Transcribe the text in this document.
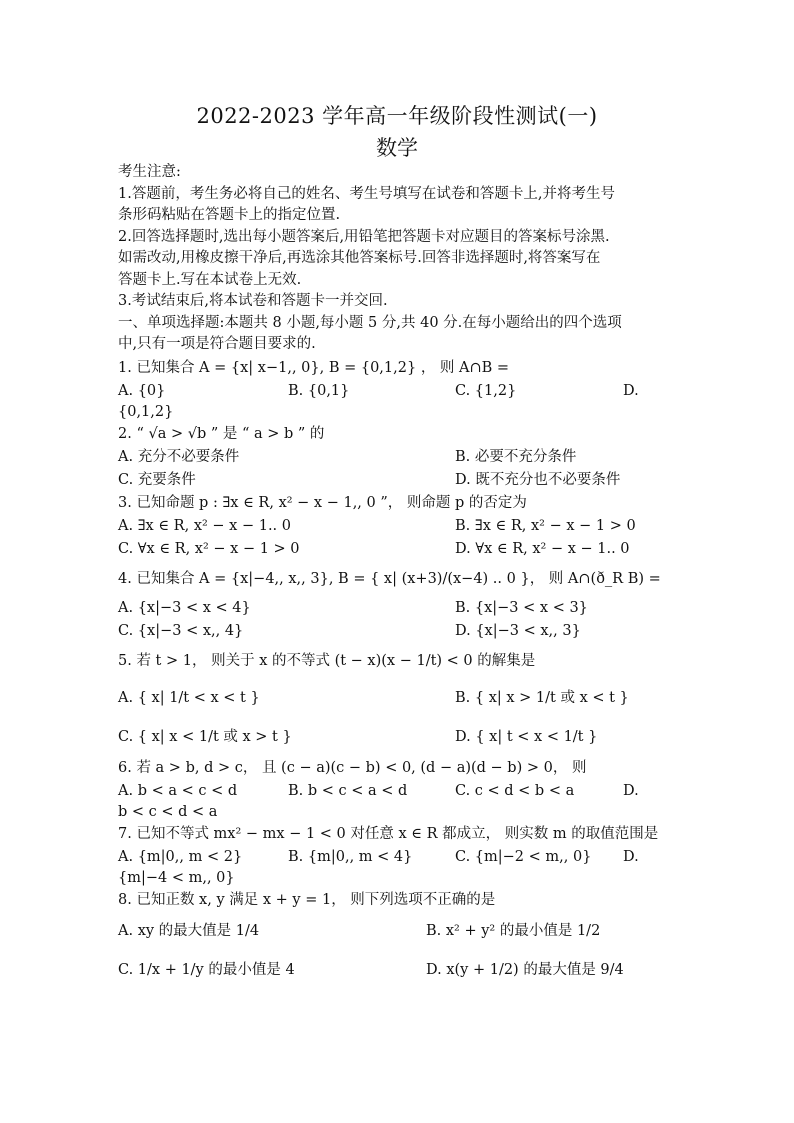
2022-2023 学年高一年级阶段性测试(一)
数学
考生注意:
1.答题前，考生务必将自己的姓名、考生号填写在试卷和答题卡上,并将考生号
条形码粘贴在答题卡上的指定位置.
2.回答选择题时,选出每小题答案后,用铅笔把答题卡对应题目的答案标号涂黑.
如需改动,用橡皮擦干净后,再选涂其他答案标号.回答非选择题时,将答案写在
答题卡上.写在本试卷上无效.
3.考试结束后,将本试卷和答题卡一并交回.
一、单项选择题:本题共 8 小题,每小题 5 分,共 40 分.在每小题给出的四个选项
中,只有一项是符合题目要求的.
1. 已知集合 A = {x| x−1,, 0}, B = {0,1,2} ， 则 A∩B =
A. {0}	B. {0,1}	C. {1,2}	D.
{0,1,2}
2. “ √a > √b ” 是 “ a > b ” 的
A. 充分不必要条件	B. 必要不充分条件
C. 充要条件	D. 既不充分也不必要条件
3. 已知命题 p : ∃x ∈ R, x² − x − 1,, 0 ”， 则命题 p 的否定为
A. ∃x ∈ R, x² − x − 1.. 0	B. ∃x ∈ R, x² − x − 1 > 0
C. ∀x ∈ R, x² − x − 1 > 0	D. ∀x ∈ R, x² − x − 1.. 0
4. 已知集合 A = {x|−4,, x,, 3}, B = { x| (x+3)/(x−4) .. 0 }， 则 A∩(ð_R B) =
A. {x|−3 < x < 4}	B. {x|−3 < x < 3}
C. {x|−3 < x,, 4}	D. {x|−3 < x,, 3}
5. 若 t > 1， 则关于 x 的不等式 (t − x)(x − 1/t) < 0 的解集是
A. { x| 1/t < x < t }	B. { x| x > 1/t 或 x < t }
C. { x| x < 1/t 或 x > t }	D. { x| t < x < 1/t }
6. 若 a > b, d > c， 且 (c − a)(c − b) < 0, (d − a)(d − b) > 0， 则
A. b < a < c < d	B. b < c < a < d	C. c < d < b < a	D.
b < c < d < a
7. 已知不等式 mx² − mx − 1 < 0 对任意 x ∈ R 都成立， 则实数 m 的取值范围是
A. {m|0,, m < 2}	B. {m|0,, m < 4}	C. {m|−2 < m,, 0} D.
{m|−4 < m,, 0}
8. 已知正数 x, y 满足 x + y = 1， 则下列选项不正确的是
A. xy 的最大值是 1/4	B. x² + y² 的最小值是 1/2
C. 1/x + 1/y 的最小值是 4	D. x(y + 1/2) 的最大值是 9/4
